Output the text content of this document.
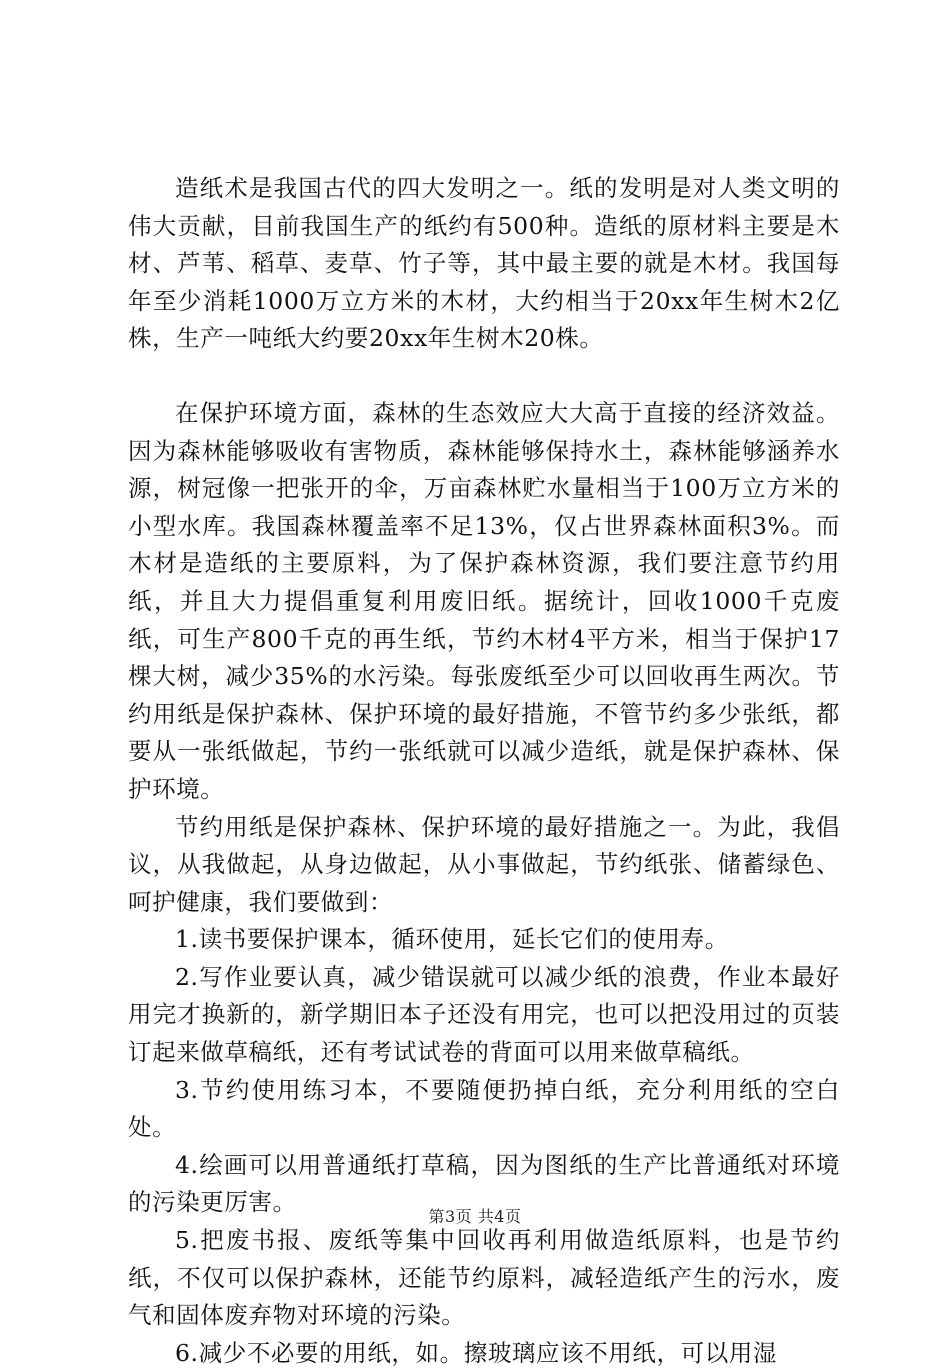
造纸术是我国古代的四大发明之一。纸的发明是对人类文明的伟大贡献，目前我国生产的纸约有500种。造纸的原材料主要是木材、芦苇、稻草、麦草、竹子等，其中最主要的就是木材。我国每年至少消耗1000万立方米的木材，大约相当于20xx年生树木2亿株，生产一吨纸大约要20xx年生树木20株。

在保护环境方面，森林的生态效应大大高于直接的经济效益。因为森林能够吸收有害物质，森林能够保持水土，森林能够涵养水源，树冠像一把张开的伞，万亩森林贮水量相当于100万立方米的小型水库。我国森林覆盖率不足13%，仅占世界森林面积3%。而木材是造纸的主要原料，为了保护森林资源，我们要注意节约用纸，并且大力提倡重复利用废旧纸。据统计，回收1000千克废纸，可生产800千克的再生纸，节约木材4平方米，相当于保护17棵大树，减少35%的水污染。每张废纸至少可以回收再生两次。节约用纸是保护森林、保护环境的最好措施，不管节约多少张纸，都要从一张纸做起，节约一张纸就可以减少造纸，就是保护森林、保护环境。

节约用纸是保护森林、保护环境的最好措施之一。为此，我倡议，从我做起，从身边做起，从小事做起，节约纸张、储蓄绿色、呵护健康，我们要做到：

1.读书要保护课本，循环使用，延长它们的使用寿。

2.写作业要认真，减少错误就可以减少纸的浪费，作业本最好用完才换新的，新学期旧本子还没有用完，也可以把没用过的页装订起来做草稿纸，还有考试试卷的背面可以用来做草稿纸。

3.节约使用练习本，不要随便扔掉白纸，充分利用纸的空白处。

4.绘画可以用普通纸打草稿，因为图纸的生产比普通纸对环境的污染更厉害。

5.把废书报、废纸等集中回收再利用做造纸原料，也是节约纸，不仅可以保护森林，还能节约原料，减轻造纸产生的污水，废气和固体废弃物对环境的污染。

6.减少不必要的用纸，如。擦玻璃应该不用纸，可以用湿

第3页 共4页
